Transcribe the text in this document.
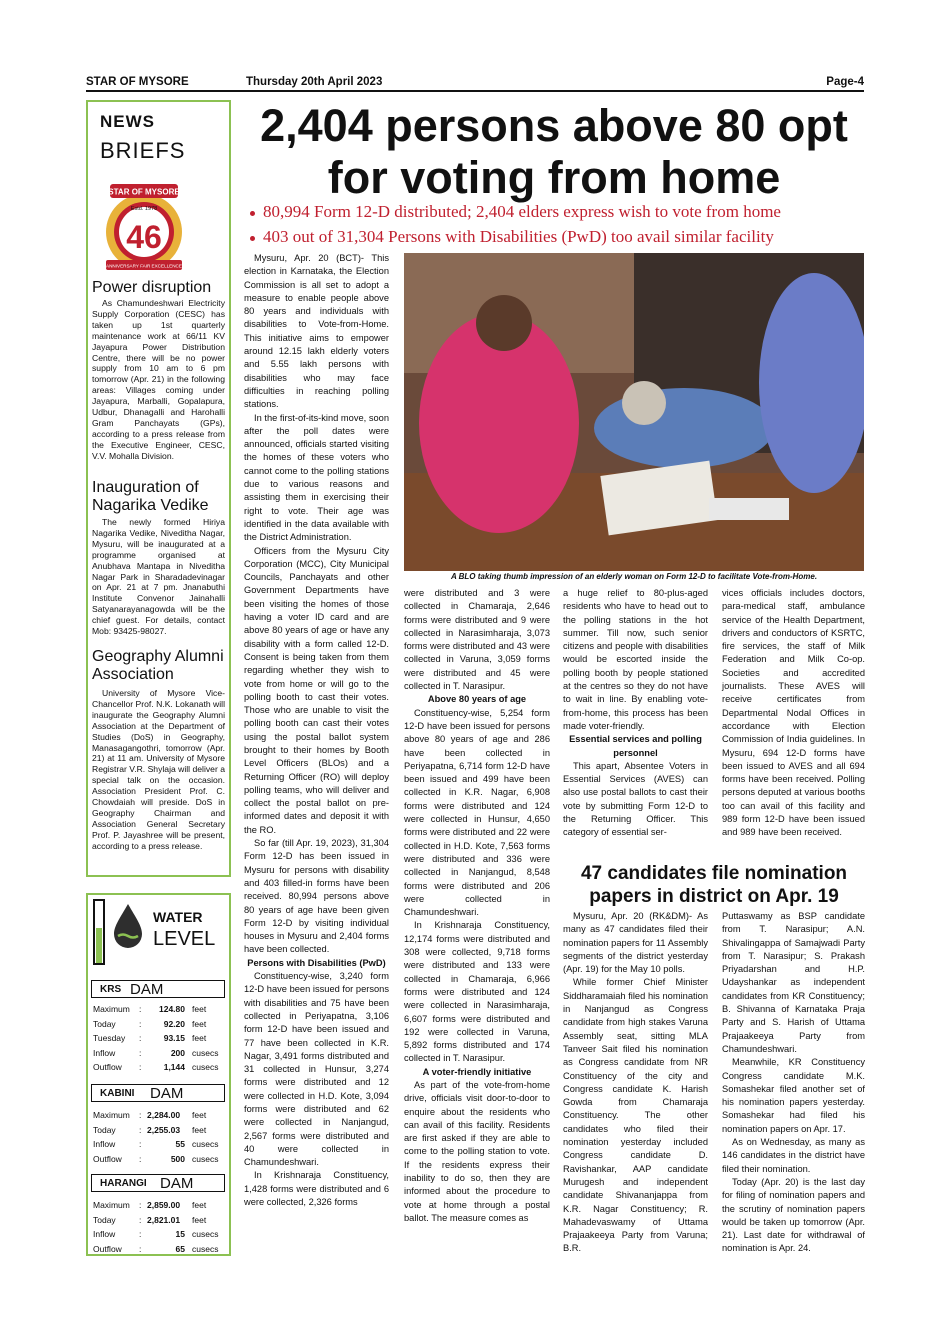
STAR OF MYSORE	Thursday 20th April 2023	Page-4
NEWS
BRIEFS
STAR OF MYSORE
Estd. 1978
46
ANNIVERSARY FAIR EXCELLENCE
Power disruption
As Chamundeshwari Electricity Supply Corporation (CESC) has taken up 1st quarterly maintenance work at 66/11 KV Jayapura Power Distribution Centre, there will be no power supply from 10 am to 6 pm tomorrow (Apr. 21) in the following areas: Villages coming under Jayapura, Marballi, Gopalapura, Udbur, Dhanagalli and Harohalli Gram Panchayats (GPs), according to a press release from the Executive Engineer, CESC, V.V. Mohalla Division.
Inauguration of Nagarika Vedike
The newly formed Hiriya Nagarika Vedike, Niveditha Nagar, Mysuru, will be inaugurated at a programme organised at Anubhava Mantapa in Niveditha Nagar Park in Sharadadevinagar on Apr. 21 at 7 pm. Jnanabuthi Institute Convenor Jainahalli Satyanarayanagowda will be the chief guest. For details, contact Mob: 93425-98027.
Geography Alumni Association
University of Mysore Vice-Chancellor Prof. N.K. Lokanath will inaugurate the Geography Alumni Association at the Department of Studies (DoS) in Geography, Manasagangothri, tomorrow (Apr. 21) at 11 am. University of Mysore Registrar V.R. Shylaja will deliver a special talk on the occasion. Association President Prof. C. Chowdaiah will preside. DoS in Geography Chairman and Association General Secretary Prof. P. Jayashree will be present, according to a press release.
WATER
LEVEL
KRS DAM
Maximum : 124.80 feet
Today	:	92.20 feet
Tuesday :	93.15 feet
Inflow	:	200 cusecs
Outflow :	1,144 cusecs
KABINI DAM
Maximum : 2,284.00 feet
Today	: 2,255.03 feet
Inflow	:	55 cusecs
Outflow :	500 cusecs
HARANGI DAM
Maximum : 2,859.00 feet
Today	: 2,821.01 feet
Inflow	:	15 cusecs
Outflow :	65 cusecs
2,404 persons above 80 opt
for voting from home
80,994 Form 12-D distributed; 2,404 elders express wish to vote from home
403 out of 31,304 Persons with Disabilities (PwD) too avail similar facility
A BLO taking thumb impression of an elderly woman on Form 12-D to facilitate Vote-from-Home.

Mysuru, Apr. 20 (BCT)- This election in Karnataka, the Election Commission is all set to adopt a measure to enable people above 80 years and individuals with disabilities to Vote-from-Home. This initiative aims to empower around 12.15 lakh elderly voters and 5.55 lakh persons with disabilities who may face difficulties in reaching polling stations.

In the first-of-its-kind move, soon after the poll dates were announced, officials started visiting the homes of these voters who cannot come to the polling stations due to various reasons and assisting them in exercising their right to vote. Their age was identified in the data available with the District Administration.

Officers from the Mysuru City Corporation (MCC), City Municipal Councils, Panchayats and other Government Departments have been visiting the homes of those having a voter ID card and are above 80 years of age or have any disability with a form called 12-D. Consent is being taken from them regarding whether they wish to vote from home or will go to the polling booth to cast their votes. Those who are unable to visit the polling booth can cast their votes using the postal ballot system brought to their homes by Booth Level Officers (BLOs) and a Returning Officer (RO) will deploy polling teams, who will deliver and collect the postal ballot on pre-informed dates and deposit it with the RO.

So far (till Apr. 19, 2023), 31,304 Form 12-D has been issued in Mysuru for persons with disability and 403 filled-in forms have been received. 80,994 persons above 80 years of age have been given Form 12-D by visiting individual houses in Mysuru and 2,404 forms have been collected.

Persons with Disabilities (PwD)

Constituency-wise, 3,240 form 12-D have been issued for persons with disabilities and 75 have been collected in Periyapatna, 3,106 form 12-D have been issued and 77 have been collected in K.R. Nagar, 3,491 forms distributed and 31 collected in Hunsur, 3,274 forms were distributed and 12 were collected in H.D. Kote, 3,094 forms were distributed and 62 were collected in Nanjangud, 2,567 forms were distributed and 40 were collected in Chamundeshwari.

In Krishnaraja Constituency, 1,428 forms were distributed and 6 were collected, 2,326 forms

were distributed and 3 were collected in Chamaraja, 2,646 forms were distributed and 9 were collected in Narasimharaja, 3,073 forms were distributed and 43 were collected in Varuna, 3,059 forms were distributed and 45 were collected in T. Narasipur.

Above 80 years of age

Constituency-wise, 5,254 form 12-D have been issued for persons above 80 years of age and 286 have been collected in Periyapatna, 6,714 form 12-D have been issued and 499 have been collected in K.R. Nagar, 6,908 forms were distributed and 124 were collected in Hunsur, 4,650 forms were distributed and 22 were collected in H.D. Kote, 7,563 forms were distributed and 336 were collected in Nanjangud, 8,548 forms were distributed and 206 were collected in Chamundeshwari.

In Krishnaraja Constituency, 12,174 forms were distributed and 308 were collected, 9,718 forms were distributed and 133 were collected in Chamaraja, 6,966 forms were distributed and 124 were collected in Narasimharaja, 6,607 forms were distributed and 192 were collected in Varuna, 5,892 forms distributed and 174 collected in T. Narasipur.

A voter-friendly initiative

As part of the vote-from-home drive, officials visit door-to-door to enquire about the residents who can avail of this facility. Residents are first asked if they are able to come to the polling station to vote. If the residents express their inability to do so, then they are informed about the procedure to vote at home through a postal ballot. The measure comes as

a huge relief to 80-plus-aged residents who have to head out to the polling stations in the hot summer. Till now, such senior citizens and people with disabilities would be escorted inside the polling booth by people stationed at the centres so they do not have to wait in line. By enabling vote-from-home, this process has been made voter-friendly.

Essential services and polling personnel

This apart, Absentee Voters in Essential Services (AVES) can also use postal ballots to cast their vote by submitting Form 12-D to the Returning Officer. This category of essential ser-

vices officials includes doctors, para-medical staff, ambulance service of the Health Department, drivers and conductors of KSRTC, fire services, the staff of Milk Federation and Milk Co-op. Societies and accredited journalists. These AVES will receive certificates from Departmental Nodal Offices in accordance with Election Commission of India guidelines. In Mysuru, 694 12-D forms have been issued to AVES and all 694 forms have been received. Polling persons deputed at various booths too can avail of this facility and 989 form 12-D have been issued and 989 have been received.

47 candidates file nomination
papers in district on Apr. 19

Mysuru, Apr. 20 (RK&DM)- As many as 47 candidates filed their nomination papers for 11 Assembly segments of the district yesterday (Apr. 19) for the May 10 polls.

While former Chief Minister Siddharamaiah filed his nomination in Nanjangud as Congress candidate from high stakes Varuna Assembly seat, sitting MLA Tanveer Sait filed his nomination as Congress candidate from NR Constituency of the city and Congress candidate K. Harish Gowda from Chamaraja Constituency. The other candidates who filed their nomination yesterday included Congress candidate D. Ravishankar, AAP candidate Murugesh and independent candidate Shivananjappa from K.R. Nagar Constituency; R. Mahadevaswamy of Uttama Prajaakeeya Party from Varuna; B.R.

Puttaswamy as BSP candidate from T. Narasipur; A.N. Shivalingappa of Samajwadi Party from T. Narasipur; S. Prakash Priyadarshan and H.P. Udayshankar as independent candidates from KR Constituency; B. Shivanna of Karnataka Praja Party and S. Harish of Uttama Prajaakeeya Party from Chamundeshwari.

Meanwhile, KR Constituency Congress candidate M.K. Somashekar filed another set of his nomination papers yesterday. Somashekar had filed his nomination papers on Apr. 17.

As on Wednesday, as many as 146 candidates in the district have filed their nomination.

Today (Apr. 20) is the last day for filing of nomination papers and the scrutiny of nomination papers would be taken up tomorrow (Apr. 21). Last date for withdrawal of nomination is Apr. 24.
